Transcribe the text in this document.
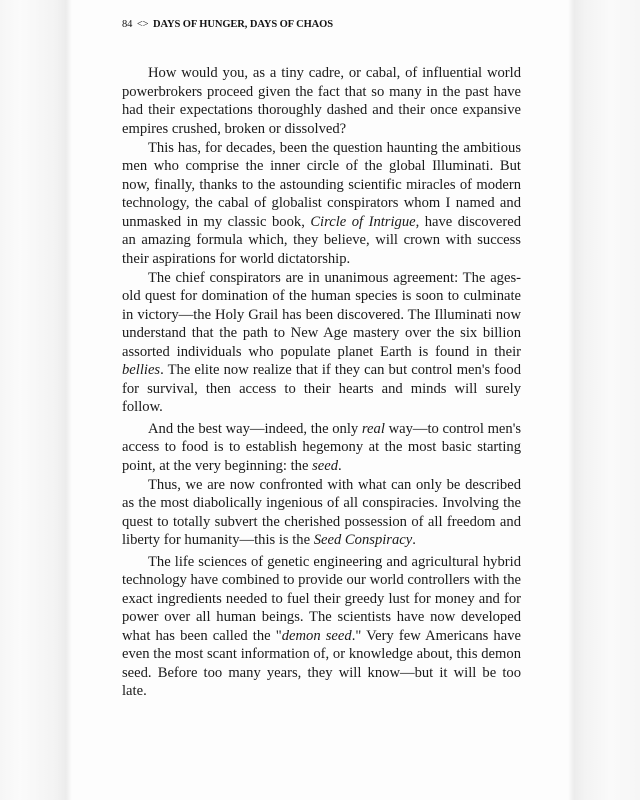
84 <> DAYS OF HUNGER, DAYS OF CHAOS

How would you, as a tiny cadre, or cabal, of influential world powerbrokers proceed given the fact that so many in the past have had their expectations thoroughly dashed and their once expansive empires crushed, broken or dissolved?

This has, for decades, been the question haunting the ambitious men who comprise the inner circle of the global Illuminati. But now, finally, thanks to the astounding scientific miracles of modern technology, the cabal of globalist conspirators whom I named and unmasked in my classic book, Circle of Intrigue, have discovered an amazing formula which, they believe, will crown with success their aspirations for world dictatorship.

The chief conspirators are in unanimous agreement: The ages-old quest for domination of the human species is soon to culminate in victory—the Holy Grail has been discovered. The Illuminati now understand that the path to New Age mastery over the six billion assorted individuals who populate planet Earth is found in their bellies. The elite now realize that if they can but control men's food for survival, then access to their hearts and minds will surely follow.

And the best way—indeed, the only real way—to control men's access to food is to establish hegemony at the most basic starting point, at the very beginning: the seed.

Thus, we are now confronted with what can only be described as the most diabolically ingenious of all conspiracies. Involving the quest to totally subvert the cherished possession of all freedom and liberty for humanity—this is the Seed Conspiracy.

The life sciences of genetic engineering and agricultural hybrid technology have combined to provide our world controllers with the exact ingredients needed to fuel their greedy lust for money and for power over all human beings. The scientists have now developed what has been called the "demon seed." Very few Americans have even the most scant information of, or knowledge about, this demon seed. Before too many years, they will know—but it will be too late.
